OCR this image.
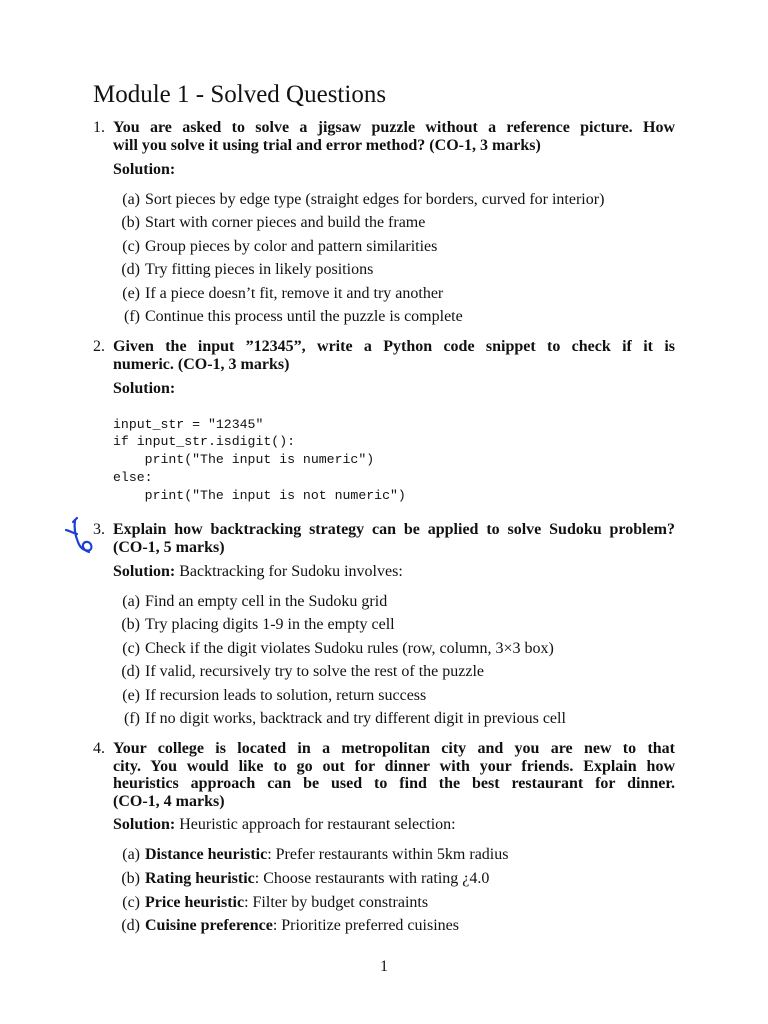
Module 1 - Solved Questions
1. You are asked to solve a jigsaw puzzle without a reference picture. How
will you solve it using trial and error method? (CO-1, 3 marks)
Solution:
(a) Sort pieces by edge type (straight edges for borders, curved for interior)
(b) Start with corner pieces and build the frame
(c) Group pieces by color and pattern similarities
(d) Try fitting pieces in likely positions
(e) If a piece doesn’t fit, remove it and try another
(f) Continue this process until the puzzle is complete
2. Given the input ”12345”, write a Python code snippet to check if it is
numeric. (CO-1, 3 marks)
Solution:
input_str = "12345"
if input_str.isdigit():
print("The input is numeric")
else:
print("The input is not numeric")
3. Explain how backtracking strategy can be applied to solve Sudoku problem?
(CO-1, 5 marks)
Solution: Backtracking for Sudoku involves:
(a) Find an empty cell in the Sudoku grid
(b) Try placing digits 1-9 in the empty cell
(c) Check if the digit violates Sudoku rules (row, column, 3×3 box)
(d) If valid, recursively try to solve the rest of the puzzle
(e) If recursion leads to solution, return success
(f) If no digit works, backtrack and try different digit in previous cell
4. Your college is located in a metropolitan city and you are new to that
city. You would like to go out for dinner with your friends. Explain how
heuristics approach can be used to find the best restaurant for dinner.
(CO-1, 4 marks)
Solution: Heuristic approach for restaurant selection:
(a) Distance heuristic: Prefer restaurants within 5km radius
(b) Rating heuristic: Choose restaurants with rating ¿4.0
(c) Price heuristic: Filter by budget constraints
(d) Cuisine preference: Prioritize preferred cuisines
1
